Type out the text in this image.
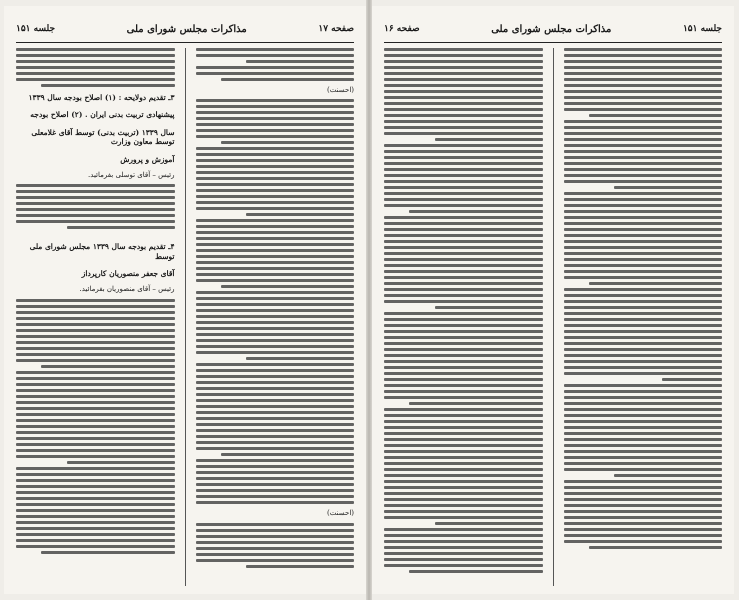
صفحه ۱۷
مذاکرات مجلس شورای ملی
جلسه ۱۵۱
(احسنت)
(احسنت)
۳ـ تقدیم دولایحه : (۱) اصلاح بودجه سال ۱۳۳۹
پیشنهادی تربیت بدنی ایران . (۲) اصلاح بودجه
سال ۱۳۳۹ (تربیت بدنی) توسط آقای غلامعلی توسط معاون وزارت
آموزش و پرورش
رئیس – آقای توسلی بفرمائید.
۴ـ تقدیم بودجه سال ۱۳۳۹ مجلس شورای ملی توسط
آقای جعفر منصوریان کارپرداز
رئیس – آقای منصوریان بفرمائید.
جلسه ۱۵۱
مذاکرات مجلس شورای ملی
صفحه ۱۶
